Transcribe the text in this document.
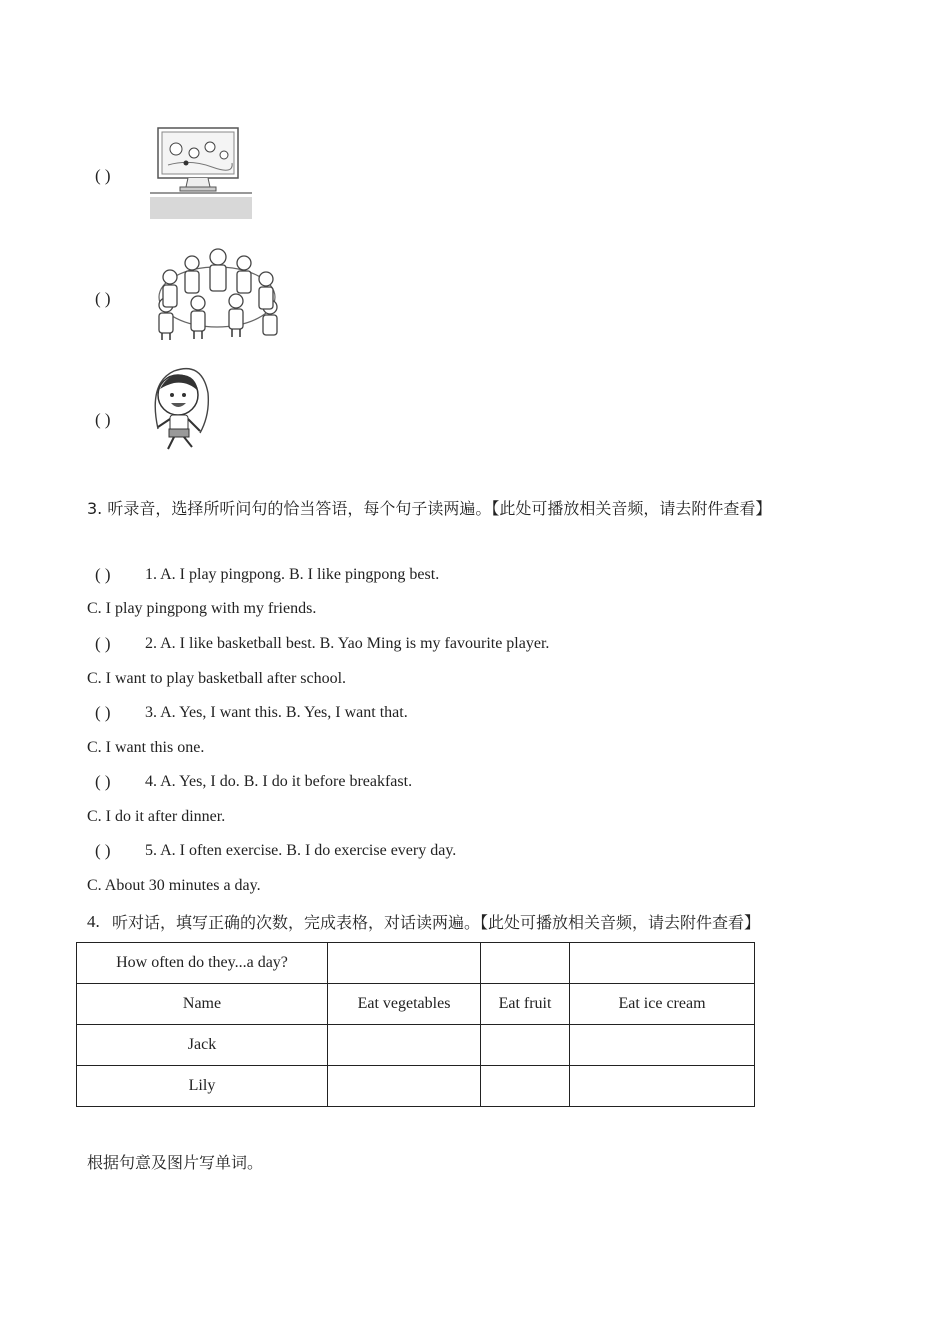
( )
( )
( )
3. 听录音，选择所听问句的恰当答语，每个句子读两遍。【此处可播放相关音频，请去附件查看】
( ) 1. A. I play pingpong. B. I like pingpong best.
C. I play pingpong with my friends.
( ) 2. A. I like basketball best. B. Yao Ming is my favourite player.
C. I want to play basketball after school.
( ) 3. A. Yes, I want this. B. Yes, I want that.
C. I want this one.
( ) 4. A. Yes, I do. B. I do it before breakfast.
C. I do it after dinner.
( ) 5. A. I often exercise. B. I do exercise every day.
C. About 30 minutes a day.
4. 听对话，填写正确的次数，完成表格，对话读两遍。【此处可播放相关音频，请去附件查看】
How often do they...a day?			
Name	Eat vegetables	Eat fruit	Eat ice cream
Jack			
Lily			
根据句意及图片写单词。
